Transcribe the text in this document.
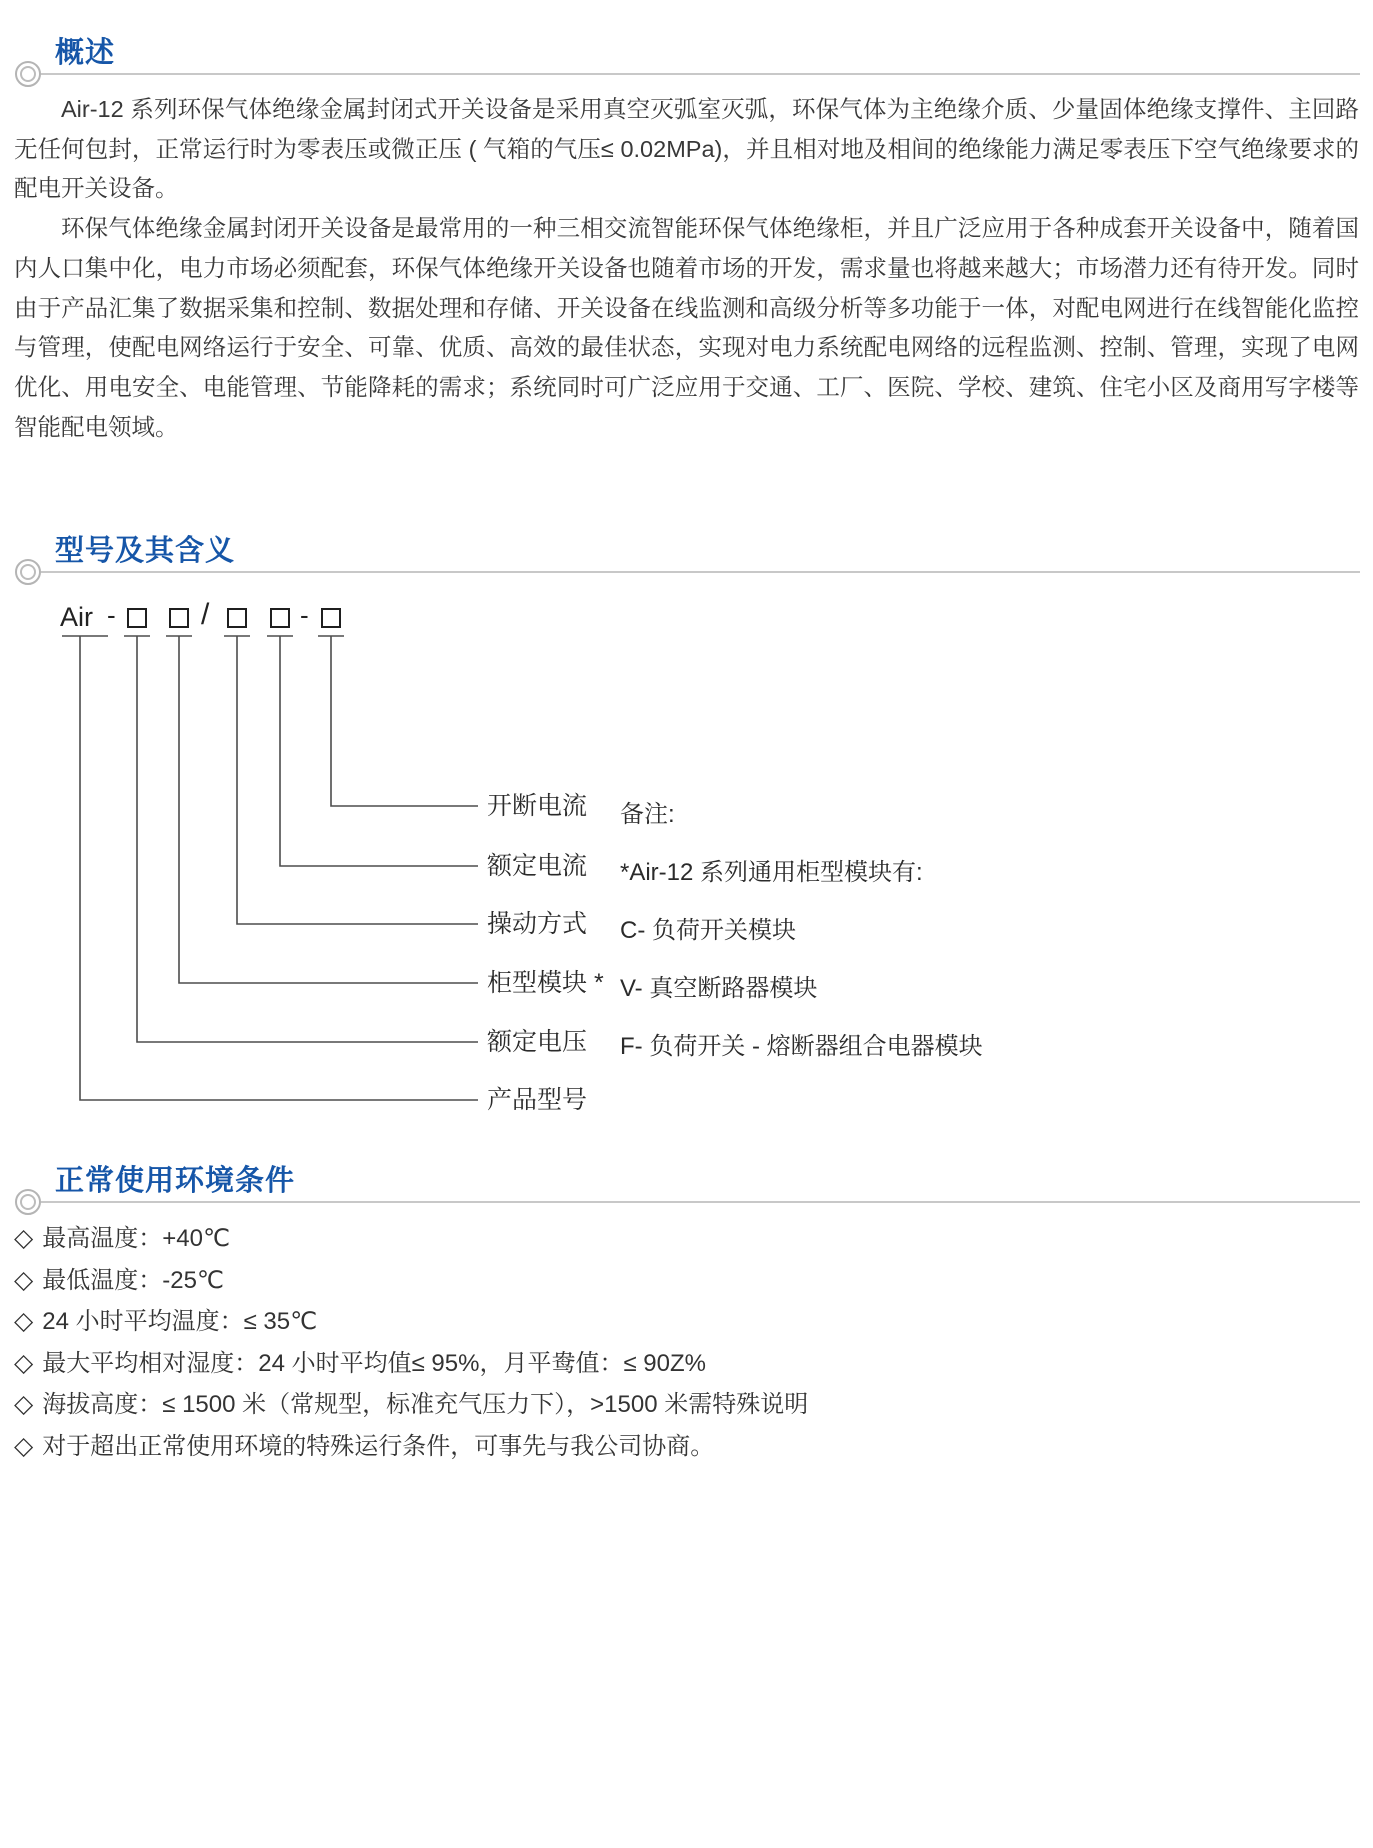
概述

Air-12 系列环保气体绝缘金属封闭式开关设备是采用真空灭弧室灭弧，环保气体为主绝缘介质、少量固体绝缘支撑件、主回路无任何包封，正常运行时为零表压或微正压 ( 气箱的气压≤ 0.02MPa)，并且相对地及相间的绝缘能力满足零表压下空气绝缘要求的配电开关设备。

环保气体绝缘金属封闭开关设备是最常用的一种三相交流智能环保气体绝缘柜，并且广泛应用于各种成套开关设备中，随着国内人口集中化，电力市场必须配套，环保气体绝缘开关设备也随着市场的开发，需求量也将越来越大；市场潜力还有待开发。同时由于产品汇集了数据采集和控制、数据处理和存储、开关设备在线监测和高级分析等多功能于一体，对配电网进行在线智能化监控与管理，使配电网络运行于安全、可靠、优质、高效的最佳状态，实现对电力系统配电网络的远程监测、控制、管理，实现了电网优化、用电安全、电能管理、节能降耗的需求；系统同时可广泛应用于交通、工厂、医院、学校、建筑、住宅小区及商用写字楼等智能配电领域。

型号及其含义
Air -	/	-
开断电流
额定电流
操动方式
柜型模块 *
额定电压
产品型号
备注:
*Air-12 系列通用柜型模块有:
C- 负荷开关模块
V- 真空断路器模块
F- 负荷开关 - 熔断器组合电器模块
正常使用环境条件
◇ 最高温度：+40℃
◇ 最低温度：-25℃
◇ 24 小时平均温度：≤ 35℃
◇ 最大平均相对湿度：24 小时平均值≤ 95%，月平鸯值：≤ 90Z%
◇ 海拔高度：≤ 1500 米（常规型，标准充气压力下），>1500 米需特殊说明
◇ 对于超出正常使用环境的特殊运行条件，可事先与我公司协商。
